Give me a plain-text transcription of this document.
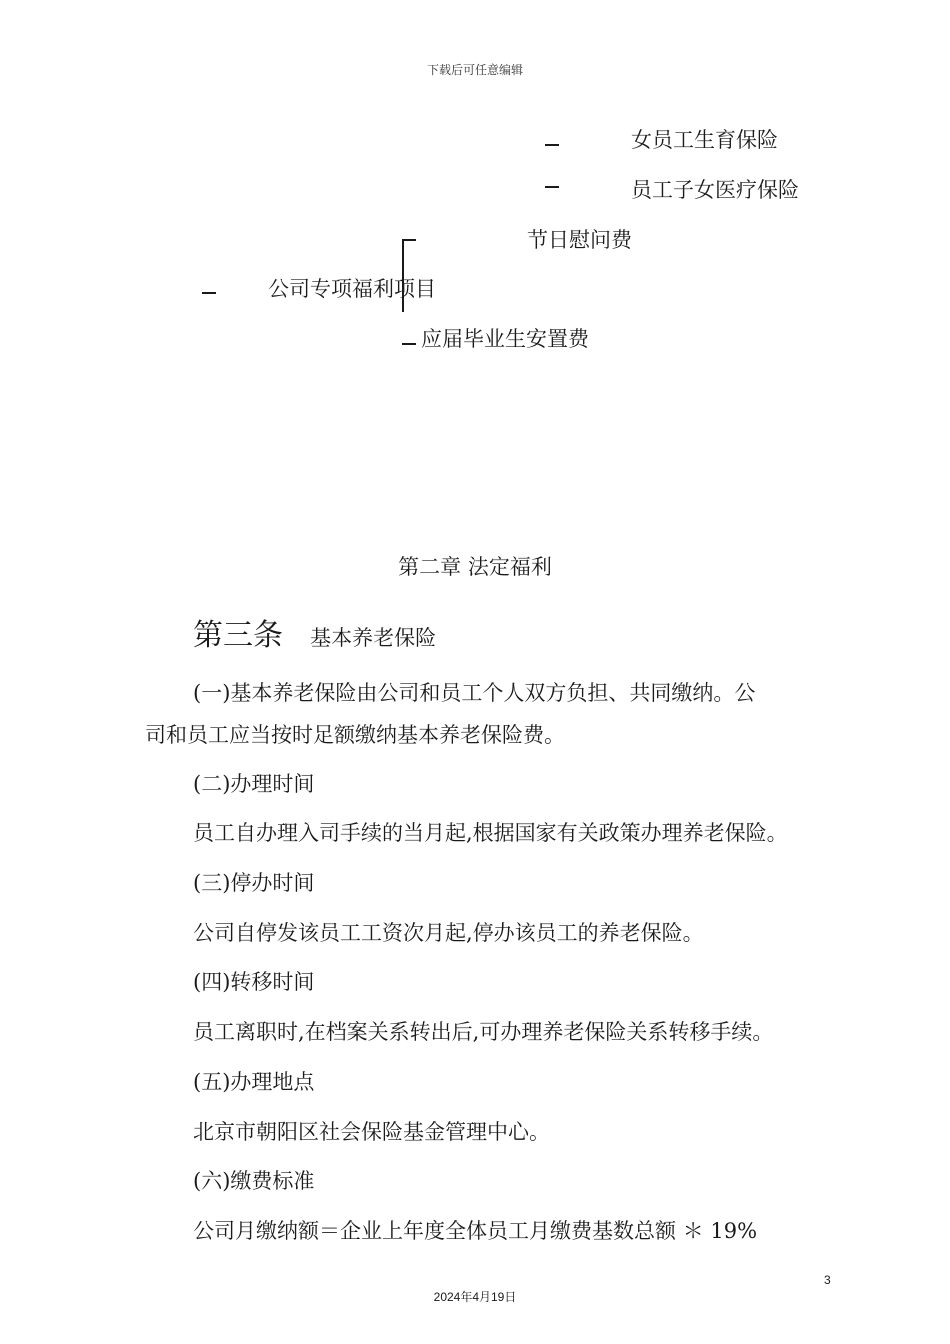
下载后可任意编辑
女员工生育保险
员工子女医疗保险
节日慰问费
公司专项福利项目
应届毕业生安置费
第二章 法定福利
第三条 基本养老保险
(一)基本养老保险由公司和员工个人双方负担、共同缴纳。公
司和员工应当按时足额缴纳基本养老保险费。
(二)办理时间
员工自办理入司手续的当月起,根据国家有关政策办理养老保险。
(三)停办时间
公司自停发该员工工资次月起,停办该员工的养老保险。
(四)转移时间
员工离职时,在档案关系转出后,可办理养老保险关系转移手续。
(五)办理地点
北京市朝阳区社会保险基金管理中心。
(六)缴费标准
公司月缴纳额＝企业上年度全体员工月缴费基数总额 ＊ 19%
3
2024年4月19日
